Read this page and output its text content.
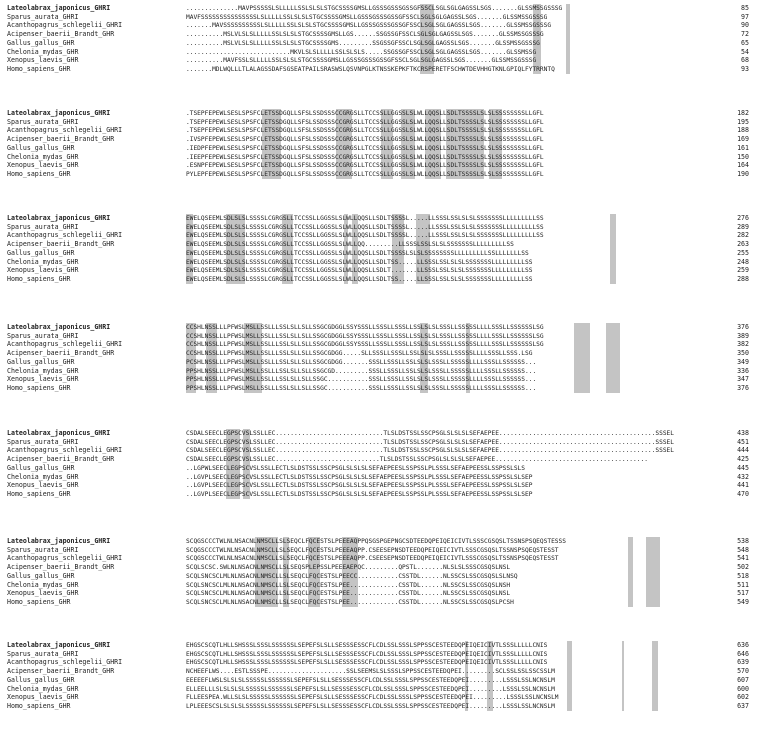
Lateolabrax_japonicus_GHRI	..............MAVPSSSSSLSLLLLLSSLSLSLSTGCSSSSGMSLLGSSSGSSSGSSGFSSCLSGLSGLGAGSSLSGS.......GLSSMSSGSSSG	85
Sparus_aurata_GHRI	MAVFSSSSSSSSSSSSSSSLSLLLLLSSLSLSLSTGCSSSSGMSLLGSSSGSSSGSSGFSSCLSGLSGLGAGSSLSGS.......GLSSMSSGSSSG	97
Acanthopagrus_schlegelii_GHRI	.......MAVSSSSSSSSSSLSLLLLLSSLSLSLSTGCSSSSGMSLLGSSSGSSSGSSGFSSCLSGLSGLGAGSSLSGS.......GLSSMSSGSSSG	90
Acipenser_baerii_Brandt_GHR	..........MSLVLSLSLLLLLSSLSLSLSTGCSSSSGMSLLGS......SSGSSGFSSCLSGLSGLGAGSSLSGS.......GLSSMSSGSSSG	72
Gallus_gallus_GHR	..........MSLVLSLSLLLLLSSLSLSLSTGCSSSSGMS.........SSGSSGFSSCLSGLSGLGAGSSLSGS.......GLSSMSSGSSSG	65
Chelonia_mydas_GHR	............................MKVLSLSLLLLLSSLSLSLS.....SSGSSGFSSCLSGLSGLGAGSSLSGS.......GLSSMSSG	54
Xenopus_laevis_GHR	..........MAVFSSLSLLLLLSSLSLSLSTGCSSSSGMSLLGSSSGSSSGSSGFSSCLSGLSGLGAGSSLSGS.......GLSSMSSGSSSG	68
Homo_sapiens_GHR	.......MDLWQLLLTLALAGSSDAFSGSEATPAILSRASWSLQSVNPGLKTNSSKEPKFTKCRSPERETFSCHWTDEVHHGTKNLGPIQLFYTRRNTQ	93
Lateolabrax_japonicus_GHRI	.TSEPFEPEWLSESLSPSFCLETSSDGQLLSFSLSSDSSSCCGRGSLLTCCSSLLGGSSLSLWLLQQSLLSDLTSSSSLSLSLSSSSSSSSLLGFL	182
Sparus_aurata_GHRI	.TSEPFEPEWLSESLSPSFCLETSSDGQLLSFSLSSDSSSCCGRGSLLTCCSSLLGGSSLSLWLLQQSLLSDLTSSSSLSLSLSSSSSSSSLLGFL	195
Acanthopagrus_schlegelii_GHRI	.TSEPFEPEWLSESLSPSFCLETSSDGQLLSFSLSSDSSSCCGRGSLLTCCSSLLGGSSLSLWLLQQSLLSDLTSSSSLSLSLSSSSSSSSLLGFL	188
Acipenser_baerii_Brandt_GHR	.IVSPFEPEWLSESLSPSFCLETSSDGQLLSFSLSSDSSSCCGRGSLLTCCSSLLGGSSLSLWLLQQSLLSDLTSSSSLSLSLSSSSSSSSLLGFL	169
Gallus_gallus_GHR	.IEDPFEPEWLSESLSPSFCLETSSDGQLLSFSLSSDSSSCCGRGSLLTCCSSLLGGSSLSLWLLQQSLLSDLTSSSSLSLSLSSSSSSSSLLGFL	161
Chelonia_mydas_GHR	.IEEPFEPEWLSESLSPSFCLETSSDGQLLSFSLSSDSSSCCGRGSLLTCCSSLLGGSSLSLWLLQQSLLSDLTSSSSLSLSLSSSSSSSSLLGFL	150
Xenopus_laevis_GHR	.ESNPFEPEWLSESLSPSFCLETSSDGQLLSFSLSSDSSSCCGRGSLLTCCSSLLGGSSLSLWLLQQSLLSDLTSSSSLSLSLSSSSSSSSLLGFL	164
Homo_sapiens_GHR	PYLEPFEPEWLSESLSPSFCLETSSDGQLLSFSLSSDSSSCCGRGSLLTCCSSLLGGSSLSLWLLQQSLLSDLTSSSSLSLSLSSSSSSSSLLGFL	190
Lateolabrax_japonicus_GHRI	EWELQSEEMLSDLSLSLSSSSLCGRGSLLTCCSSLLGGSSLSLWLLQQSLLSDLTSSSSL.....LLSSSLSSLSLSLSSSSSSSLLLLLLLLLSS	276
Sparus_aurata_GHRI	EWELQSEEMLSDLSLSLSSSSLCGRGSLLTCCSSLLGGSSLSLWLLQQSLLSDLTSSSSL.....LLSSSLSSLSLSLSSSSSSSLLLLLLLLLSS	289
Acanthopagrus_schlegelii_GHRI	EWELQSEEMLSDLSLSLSSSSLCGRGSLLTCCSSLLGGSSLSLWLLQQSLLSDLTSSSSL.....LLSSSLSSLSLSLSSSSSSSLLLLLLLLLSS	282
Acipenser_baerii_Brandt_GHR	EWELQSEEMLSDLSLSLSSSSLCGRGSLLTCCSSLLGGSSLSLWLLQQ.........LLSSSLSSLSLSLSSSSSSSLLLLLLLLLSS	263
Gallus_gallus_GHR	EWELQSEEMLSDLSLSLSSSSLCGRGSLLTCCSSLLGGSSLSLWLLQQSLLSDLTSSSSLSLSLSSSSSSSSLLLLLLLLLSSLLLLLLLSS	255
Chelonia_mydas_GHR	EWELQSEEMLSDLSLSLSSSSLCGRGSLLTCCSSLLGGSSLSLWLLQQSLLSDLTSS.....LLSSSLSSLSLSLSSSSSSSLLLLLLLLLSS	248
Xenopus_laevis_GHR	EWELQSEEMLSDLSLSLSSSSLCGRGSLLTCCSSLLGGSSLSLWLLQQSLLSDLT.......LLSSSLSSLSLSLSSSSSSSLLLLLLLLLSS	259
Homo_sapiens_GHR	EWELQSEEMLSDLSLSLSSSSLCGRGSLLTCCSSLLGGSSLSLWLLQQSLLSDLTSS.....LLSSSLSSLSLSLSSSSSSSLLLLLLLLLSS	288
Lateolabrax_japonicus_GHRI	CCSHLNSSLLLPFWSLMSLLSSLLLSSLSLLSLLSSGCGDGGLSSYSSSLLSSSLLSSSLLSSLSLSLSSSLLSSSSSLLLLSSSLLSSSSSSLSG	376
Sparus_aurata_GHRI	CCSHLNSSLLLPFWSLMSLLSSLLLSSLSLLSLLSSGCGDGGLSSYSSSLLSSSLLSSSLLSSLSLSLSSSLLSSSSSLLLLSSSLLSSSSSSLSG	389
Acanthopagrus_schlegelii_GHRI	CCSHLNSSLLLPFWSLMSLLSSLLLSSLSLLSLLSSGCGDGGLSSYSSSLLSSSLLSSSLLSSLSLSLSSSLLSSSSSLLLLSSSLLSSSSSSLSG	382
Acipenser_baerii_Brandt_GHR	CCSHLNSSLLLPFWSLMSLLSSLLLSSLSLLSLLSSGCGDGG.....SLLSSSLLSSSLLSSLSLSLSSSLLSSSSSLLLLSSSLLSSS.LSG	350
Gallus_gallus_GHR	PCSHLNSSLLLPFWSLMSLLSSLLLSSLSLLSLLSSGCGDGG.......SSSLLSSSLLSSLSLSLSSSLLSSSSSLLLLSSSLLSSSSSS...	349
Chelonia_mydas_GHR	PPSHLNSSLLLPFWSLMSLLSSLLLSSLSLLSLLSSGCGD.........SSSLLSSSLLSSLSLSLSSSLLSSSSSLLLLSSSLLSSSSSS...	336
Xenopus_laevis_GHR	PPSHLNSSLLLPFWSLMSLLSSLLLSSLSLLSLLSSGC...........SSSLLSSSLLSSLSLSLSSSLLSSSSSLLLLSSSLLSSSSSS...	347
Homo_sapiens_GHR	PPSHLNSSLLLPFWSLMSLLSSLLLSSLSLLSLLSSGC...........SSSLLSSSLLSSLSLSLSSSLLSSSSSLLLLSSSLLSSSSSS...	376
Lateolabrax_japonicus_GHRI	CSDALSEECLEGPSCVSLSSLLEC.............................TLSLDSTSSLSSCPSGLSLSLSLSEFAEPEE..........................................SSSEL	438
Sparus_aurata_GHRI	CSDALSEECLEGPSCVSLSSLLEC.............................TLSLDSTSSLSSCPSGLSLSLSLSEFAEPEE..........................................SSSEL	451
Acanthopagrus_schlegelii_GHRI	CSDALSEECLEGPSCVSLSSLLEC.............................TLSLDSTSSLSSCPSGLSLSLSLSEFAEPEE..........................................SSSEL	444
Acipenser_baerii_Brandt_GHR	CSDALSEECLEGPSCVSLSSLLEC............................TLSLDSTSSLSSCPSGLSLSLSLSEFAEPEE.........................................	425
Gallus_gallus_GHR	..LGPWLSEECLEGPSCVSLSSLLECTLSLDSTSSLSSCPSGLSLSLSLSEFAEPEESLSSPSSLPLSSSLSEFAEPEESSLSSPSSLSLS	445
Chelonia_mydas_GHR	..LGVPLSEECLEGPSCVSLSSLLECTLSLDSTSSLSSCPSGLSLSLSLSEFAEPEESLSSPSSLPLSSSLSEFAEPEESSLSSPSSLSLSEP	432
Xenopus_laevis_GHR	..LGVPLSEECLEGPSCVSLSSLLECTLSLDSTSSLSSCPSGLSLSLSLSEFAEPEESLSSPSSLPLSSSLSEFAEPEESSLSSPSSLSLSEP	441
Homo_sapiens_GHR	..LGVPLSEECLEGPSCVSLSSLLECTLSLDSTSSLSSCPSGLSLSLSLSEFAEPEESLSSPSSLPLSSSLSEFAEPEESSLSSPSSLSLSEP	470
Lateolabrax_japonicus_GHRI	SCQGSCCCTWLNLNSACNLNMSCLLSLSEQCLFQCESTSLPEEEAQPPQSGSPGEPNGCSDTEEDQPEIQEICIVTLSSSCGSQSLTSSNSPSQEQSTESSS	538
Sparus_aurata_GHRI	SCQGSCCCTWLNLNSACNLNMSCLLSLSEQCLFQCESTSLPEEEAQPP.CSEESEPNSDTEEDQPEIQEICIVTLSSSCGSQSLTSSNSPSQEQSTESST	548
Acanthopagrus_schlegelii_GHRI	SCQGSCCCTWLNLNSACNLNMSCLLSLSEQCLFQCESTSLPEEEAQPP.CSEESEPNSDTEEDQPEIQEICIVTLSSSCGSQSLTSSNSPSQEQSTESST	541
Acipenser_baerii_Brandt_GHR	SCQLSCSC.SWLNLNSACNLNMSCLLSLSEQSPLEPSSLPEEEAEPQC.........QPSTL.......NLSLSLSSSCGSQSLNSL	502
Gallus_gallus_GHR	SCQLSNCSCLMLNLNSACNLNMSCLLSLSEQCLFQCESTSLPEECC...........CSSTDL......NLSSCSLSSCGSQSLSLNSQ	518
Chelonia_mydas_GHR	SCQLSNCSCLMLNLNSACNLNMSCLLSLSEQCLFQCESTSLPEE.............CSSTDL......NLSSCSLSSCGSQSLNSH	511
Xenopus_laevis_GHR	SCQLSNCSCLMLNLNSACNLNMSCLLSLSEQCLFQCESTSLPEE.............CSSTDL......NLSSCSLSSCGSQSLNSL	517
Homo_sapiens_GHR	SCQLSNCSCLMLNLNSACNLNMSCLLSLSEQCLFQCESTSLPEE.............CSSTDL......NLSSCSLSSCGSQSLPCSH	549
Lateolabrax_japonicus_GHRI	EHGSCSCQTLHLLSHSSSLSSSLSSSSSSLSEPEFSLSLLSESSSESSCFLCDLSSLSSSLSPPSSCESTEEDQPEIQEICIVTLSSSLLLLLCNIS	636
Sparus_aurata_GHRI	EHGSCSCQTLHLLSHSSSLSSSLSSSSSSLSEPEFSLSLLSESSSESSCFLCDLSSLSSSLSPPSSCESTEEDQPEIQEICIVTLSSSLLLLLCNIS	646
Acanthopagrus_schlegelii_GHRI	EHGSCSCQTLHLLSHSSSLSSSLSSSSSSLSEPEFSLSLLSESSSESSCFLCDLSSLSSSLSPPSSCESTEEDQPEIQEICIVTLSSSLLLLLCNIS	639
Acipenser_baerii_Brandt_GHR	NCHEEFLWS....ESTLSSSPE.....................SSLSEEMSLSLSSSLSPPSSCESTEEDQPEI.........SCLSSLSSLSSCSSLM	570
Gallus_gallus_GHR	EEEEEFLWSLSLSLSLSSSSSLSSSSSSLSEPEFSLSLLSESSSESSCFLCDLSSLSSSLSPPSSCESTEEDQPEI.........LSSSLSSLNCNSLM	607
Chelonia_mydas_GHR	ELLEELLLSLSLSLSLSSSSSLSSSSSSLSEPEFSLSLLSESSSESSCFLCDLSSLSSSLSPPSSCESTEEDQPEI.........LSSSLSSLNCNSLM	600
Xenopus_laevis_GHR	FLLEESPEA.WLLSLSLSSSSSLSSSSSSLSEPEFSLSLLSESSSESSCFLCDLSSLSSSLSPPSSCESTEEDQPEI.........LSSSLSSLNCNSLM	602
Homo_sapiens_GHR	LPLEEESCSLSLSLSLSSSSSLSSSSSSLSEPEFSLSLLSESSSESSCFLCDLSSLSSSLSPPSSCESTEEDQPEI.........LSSSLSSLNCNSLM	637
